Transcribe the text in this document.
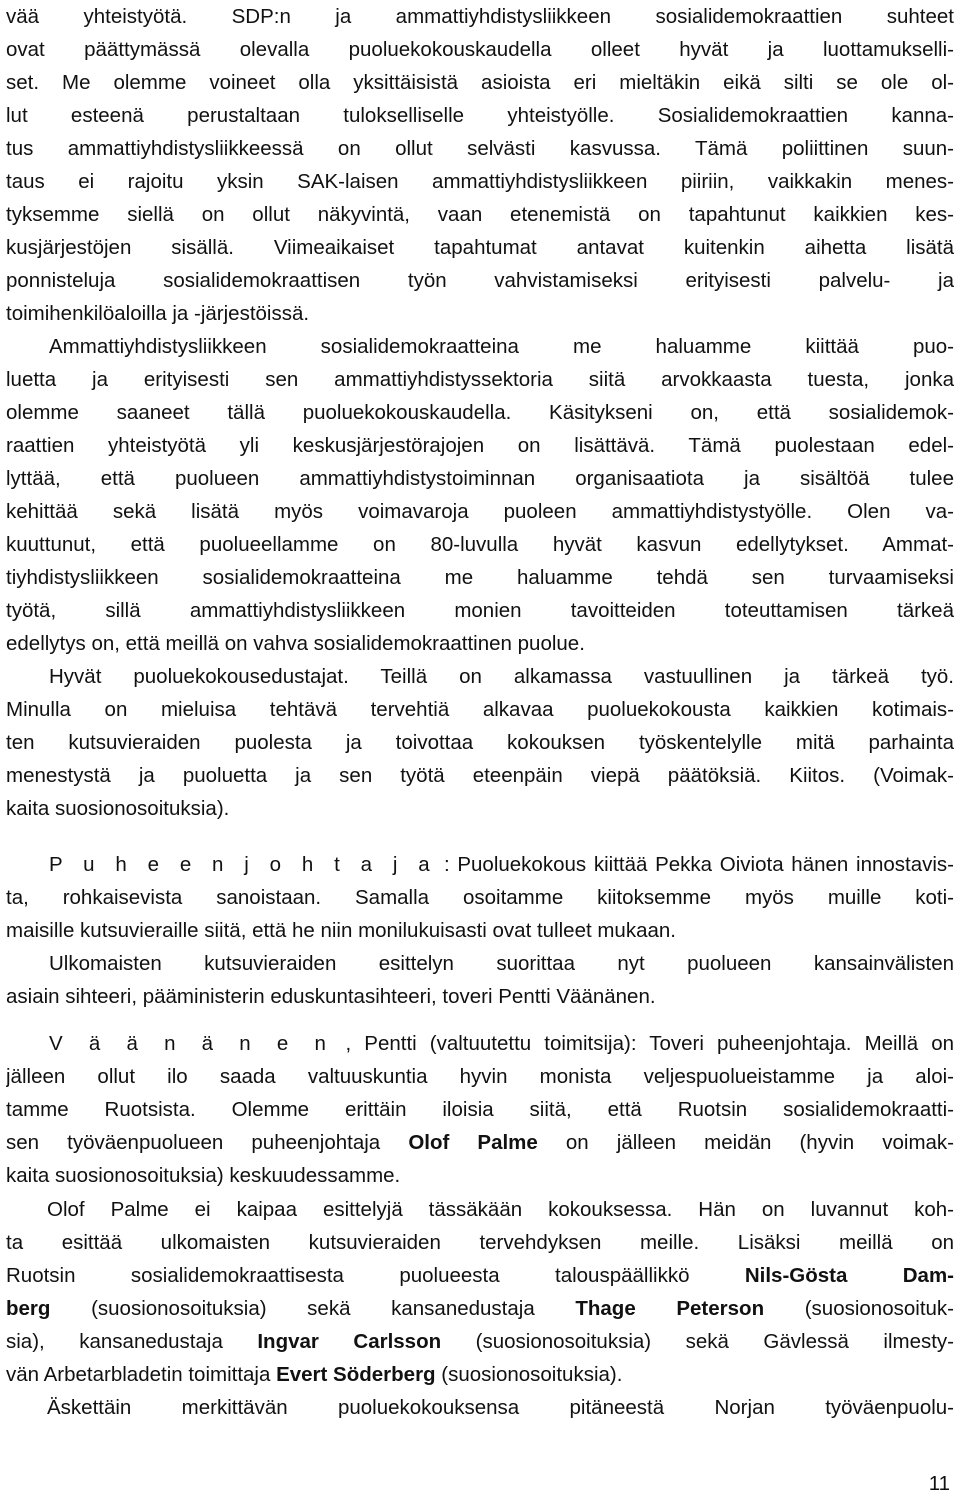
vää yhteistyötä. SDP:n ja ammattiyhdistysliikkeen sosialidemokraattien suhteet
ovat päättymässä olevalla puoluekokouskaudella olleet hyvät ja luottamukselli-
set. Me olemme voineet olla yksittäisistä asioista eri mieltäkin eikä silti se ole ol-
lut esteenä perustaltaan tulokselliselle yhteistyölle. Sosialidemokraattien kanna-
tus ammattiyhdistysliikkeessä on ollut selvästi kasvussa. Tämä poliittinen suun-
taus ei rajoitu yksin SAK-laisen ammattiyhdistysliikkeen piiriin, vaikkakin menes-
tyksemme siellä on ollut näkyvintä, vaan etenemistä on tapahtunut kaikkien kes-
kusjärjestöjen sisällä. Viimeaikaiset tapahtumat antavat kuitenkin aihetta lisätä
ponnisteluja sosialidemokraattisen työn vahvistamiseksi erityisesti palvelu- ja
toimihenkilöaloilla ja -järjestöissä.
Ammattiyhdistysliikkeen sosialidemokraatteina me haluamme kiittää puo-
luetta ja erityisesti sen ammattiyhdistyssektoria siitä arvokkaasta tuesta, jonka
olemme saaneet tällä puoluekokouskaudella. Käsitykseni on, että sosialidemok-
raattien yhteistyötä yli keskusjärjestörajojen on lisättävä. Tämä puolestaan edel-
lyttää, että puolueen ammattiyhdistystoiminnan organisaatiota ja sisältöä tulee
kehittää sekä lisätä myös voimavaroja puoleen ammattiyhdistystyölle. Olen va-
kuuttunut, että puolueellamme on 80-luvulla hyvät kasvun edellytykset. Ammat-
tiyhdistysliikkeen sosialidemokraatteina me haluamme tehdä sen turvaamiseksi
työtä, sillä ammattiyhdistysliikkeen monien tavoitteiden toteuttamisen tärkeä
edellytys on, että meillä on vahva sosialidemokraattinen puolue.
Hyvät puoluekokousedustajat. Teillä on alkamassa vastuullinen ja tärkeä työ.
Minulla on mieluisa tehtävä tervehtiä alkavaa puoluekokousta kaikkien kotimais-
ten kutsuvieraiden puolesta ja toivottaa kokouksen työskentelylle mitä parhainta
menestystä ja puoluetta ja sen työtä eteenpäin viepä päätöksiä. Kiitos. (Voimak-
kaita suosionosoituksia).
P u h e e n j o h t a j a : Puoluekokous kiittää Pekka Oiviota hänen innostavis-
ta, rohkaisevista sanoistaan. Samalla osoitamme kiitoksemme myös muille koti-
maisille kutsuvieraille siitä, että he niin monilukuisasti ovat tulleet mukaan.
Ulkomaisten kutsuvieraiden esittelyn suorittaa nyt puolueen kansainvälisten
asiain sihteeri, pääministerin eduskuntasihteeri, toveri Pentti Väänänen.
V ä ä n ä n e n , Pentti (valtuutettu toimitsija): Toveri puheenjohtaja. Meillä on
jälleen ollut ilo saada valtuuskuntia hyvin monista veljespuolueistamme ja aloi-
tamme Ruotsista. Olemme erittäin iloisia siitä, että Ruotsin sosialidemokraatti-
sen työväenpuolueen puheenjohtaja Olof Palme on jälleen meidän (hyvin voimak-
kaita suosionosoituksia) keskuudessamme.
Olof Palme ei kaipaa esittelyjä tässäkään kokouksessa. Hän on luvannut koh-
ta esittää ulkomaisten kutsuvieraiden tervehdyksen meille. Lisäksi meillä on
Ruotsin sosialidemokraattisesta puolueesta talouspäällikkö Nils-Gösta Dam-
berg (suosionosoituksia) sekä kansanedustaja Thage Peterson (suosionosoituk-
sia), kansanedustaja Ingvar Carlsson (suosionosoituksia) sekä Gävlessä ilmesty-
vän Arbetarbladetin toimittaja Evert Söderberg (suosionosoituksia).
Äskettäin merkittävän puoluekokouksensa pitäneestä Norjan työväenpuolu-
11
